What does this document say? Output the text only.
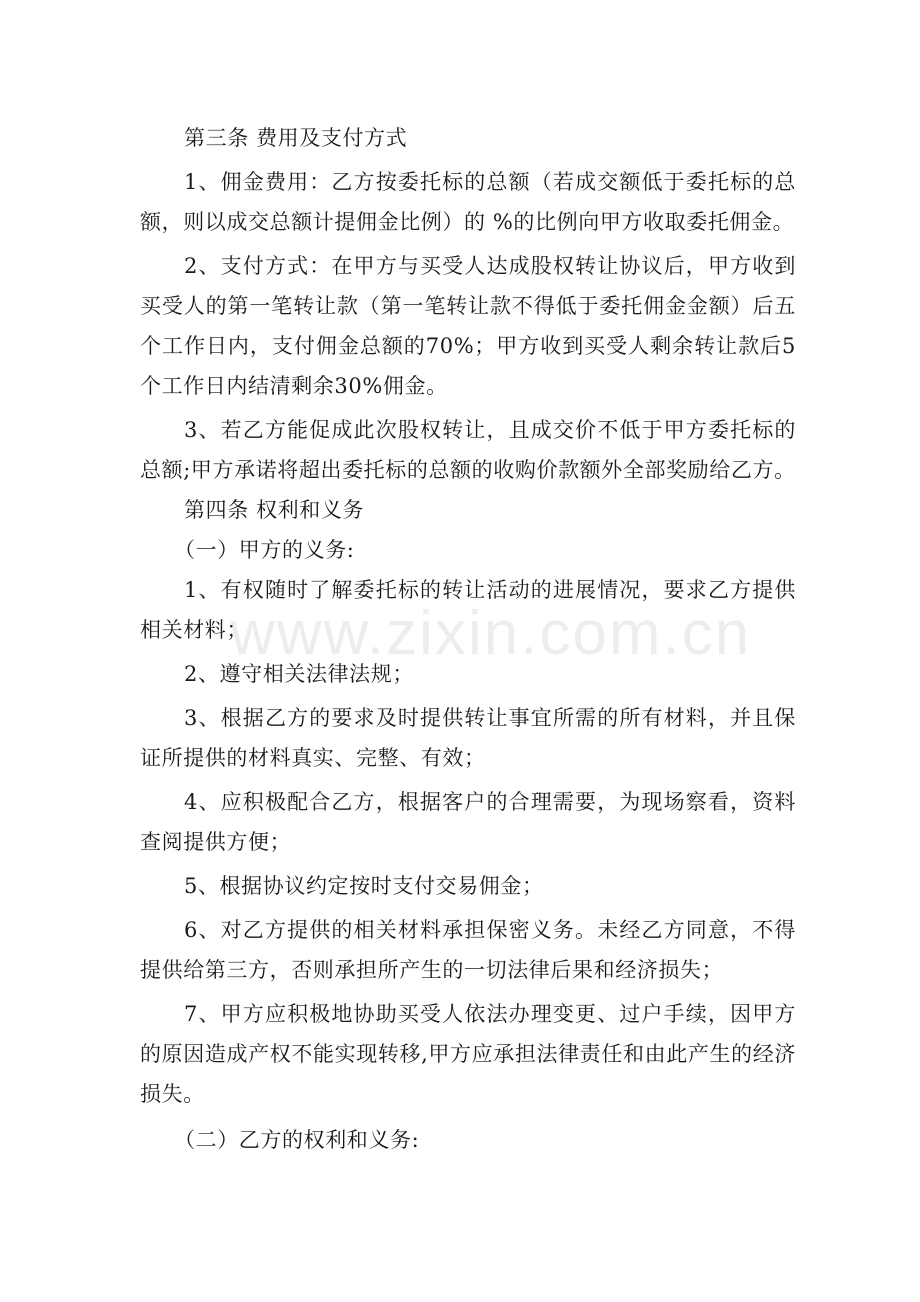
www.zixin.com.cn

第三条 费用及支付方式

1、佣金费用：乙方按委托标的总额（若成交额低于委托标的总额，则以成交总额计提佣金比例）的 %的比例向甲方收取委托佣金。

2、支付方式：在甲方与买受人达成股权转让协议后，甲方收到买受人的第一笔转让款（第一笔转让款不得低于委托佣金金额）后五个工作日内，支付佣金总额的70%；甲方收到买受人剩余转让款后5个工作日内结清剩余30%佣金。

3、若乙方能促成此次股权转让，且成交价不低于甲方委托标的总额;甲方承诺将超出委托标的总额的收购价款额外全部奖励给乙方。

第四条 权利和义务

（一）甲方的义务:

1、有权随时了解委托标的转让活动的进展情况，要求乙方提供相关材料；

2、遵守相关法律法规；

3、根据乙方的要求及时提供转让事宜所需的所有材料，并且保证所提供的材料真实、完整、有效；

4、应积极配合乙方，根据客户的合理需要，为现场察看，资料查阅提供方便；

5、根据协议约定按时支付交易佣金；

6、对乙方提供的相关材料承担保密义务。未经乙方同意，不得提供给第三方，否则承担所产生的一切法律后果和经济损失；

7、甲方应积极地协助买受人依法办理变更、过户手续，因甲方的原因造成产权不能实现转移,甲方应承担法律责任和由此产生的经济损失。

（二）乙方的权利和义务:
